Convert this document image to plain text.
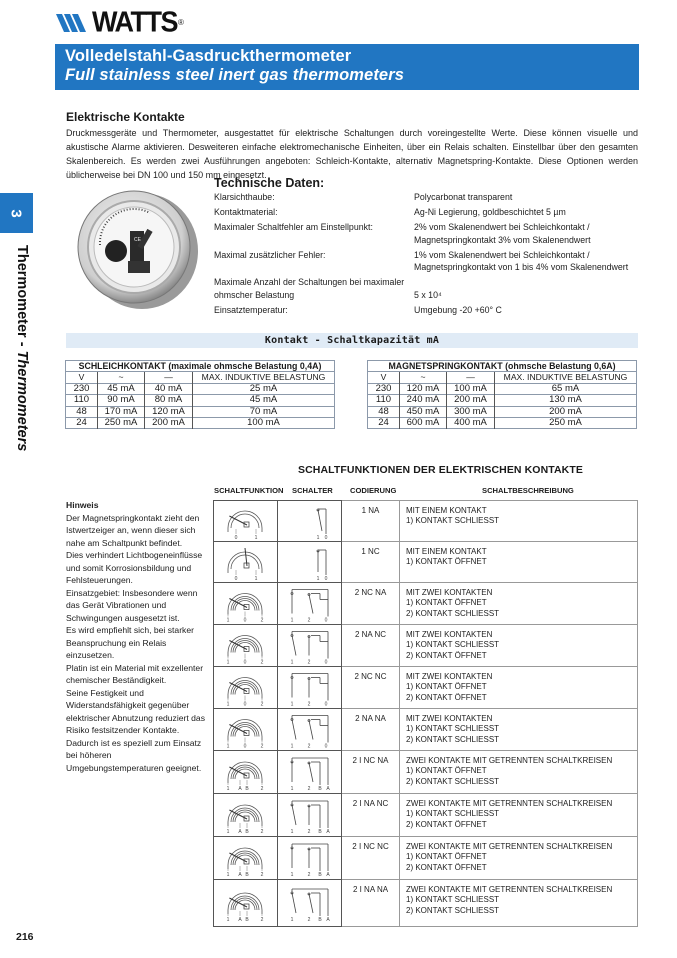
WATTS ®
Volledelstahl-Gasdruckthermometer
Full stainless steel inert gas thermometers
3
Thermometer - Thermometers
Elektrische Kontakte
Druckmessgeräte und Thermometer, ausgestattet für elektrische Schaltungen durch voreingestellte Werte. Diese können visuelle und akustische Alarme aktivieren. Desweiteren einfache elektromechanische Einheiten, über ein Relais schalten. Einstellbar über den gesamten Skalenbereich. Es werden zwei Ausführungen angeboten: Schleich-Kontakte, alternativ Magnetspring-Kontakte. Diese Optionen werden üblicherweise bei DN 100 und 150 mm eingesetzt.
CE
Technische Daten:
Klarsichthaube:	Polycarbonat transparent
Kontaktmaterial:	Ag-Ni Legierung, goldbeschichtet 5 µm
Maximaler Schaltfehler am Einstellpunkt:	2% vom Skalenendwert bei Schleichkontakt / Magnetspringkontakt 3% vom Skalenendwert
Maximal zusätzlicher Fehler:	1% vom Skalenendwert bei Schleichkontakt / Magnetspringkontakt von 1 bis 4% vom Skalenendwert
Maximale Anzahl der Schaltungen bei maximaler ohmscher Belastung	5 x 10⁴
Einsatztemperatur:	Umgebung -20 +60° C
Kontakt - Schaltkapazität mA
SCHLEICHKONTAKT (maximale ohmsche Belastung 0,4A)			
V	~	—	MAX. INDUKTIVE BELASTUNG
230	45 mA	40 mA	25 mA
110	90 mA	80 mA	45 mA
48	170 mA	120 mA	70 mA
24	250 mA	200 mA	100 mA
MAGNETSPRINGKONTAKT (ohmsche Belastung 0,6A)			
V	~	—	MAX. INDUKTIVE BELASTUNG
230	120 mA	100 mA	65 mA
110	240 mA	200 mA	130 mA
48	450 mA	300 mA	200 mA
24	600 mA	400 mA	250 mA
SCHALTFUNKTIONEN DER ELEKTRISCHEN KONTAKTE
SCHALTFUNKTION SCHALTER CODIERUNG	SCHALTBESCHREIBUNG
0	1	1 0
	1 NA	MIT EINEM KONTAKT
1) KONTAKT SCHLIESST

0	1	1 0
	1 NC	MIT EINEM KONTAKT
1) KONTAKT ÖFFNET

1	0	2	1	2	0
	2 NC NA	MIT ZWEI KONTAKTEN
1) KONTAKT ÖFFNET
2) KONTAKT SCHLIESST

1	0	2	1	2	0
	2 NA NC	MIT ZWEI KONTAKTEN
1) KONTAKT SCHLIESST
2) KONTAKT ÖFFNET

1	0	2	1	2	0
	2 NC NC	MIT ZWEI KONTAKTEN
1) KONTAKT ÖFFNET
2) KONTAKT ÖFFNET

1	0	2	1	2	0
	2 NA NA	MIT ZWEI KONTAKTEN
1) KONTAKT SCHLIESST
2) KONTAKT SCHLIESST

1 A B 2	1	2 B A
	2 I NC NA	ZWEI KONTAKTE MIT GETRENNTEN SCHALTKREISEN
1) KONTAKT ÖFFNET
2) KONTAKT SCHLIESST

1 A B 2	1	2 B A
	2 I NA NC	ZWEI KONTAKTE MIT GETRENNTEN SCHALTKREISEN
1) KONTAKT SCHLIESST
2) KONTAKT ÖFFNET

1 A B 2	1	2 B A
	2 I NC NC	ZWEI KONTAKTE MIT GETRENNTEN SCHALTKREISEN
1) KONTAKT ÖFFNET
2) KONTAKT ÖFFNET

1 A B 2	1	2 B A
	2 I NA NA	ZWEI KONTAKTE MIT GETRENNTEN SCHALTKREISEN
1) KONTAKT SCHLIESST
2) KONTAKT SCHLIESST
Hinweis
Der Magnetspringkontakt zieht den Istwertzeiger an, wenn dieser sich nahe am Schaltpunkt befindet.
Dies verhindert Lichtbogeneinflüsse und somit Korrosionsbildung und Fehlsteuerungen.
Einsatzgebiet: Insbesondere wenn das Gerät Vibrationen und Schwingungen ausgesetzt ist.
Es wird empfiehlt sich, bei starker Beanspruchung ein Relais einzusetzen.
Platin ist ein Material mit exzellenter chemischer Beständigkeit.
Seine Festigkeit und Widerstandsfähigkeit gegenüber elektrischer Abnutzung reduziert das Risiko festsitzender Kontakte.
Dadurch ist es speziell zum Einsatz bei höheren Umgebungstemperaturen geeignet.
216
